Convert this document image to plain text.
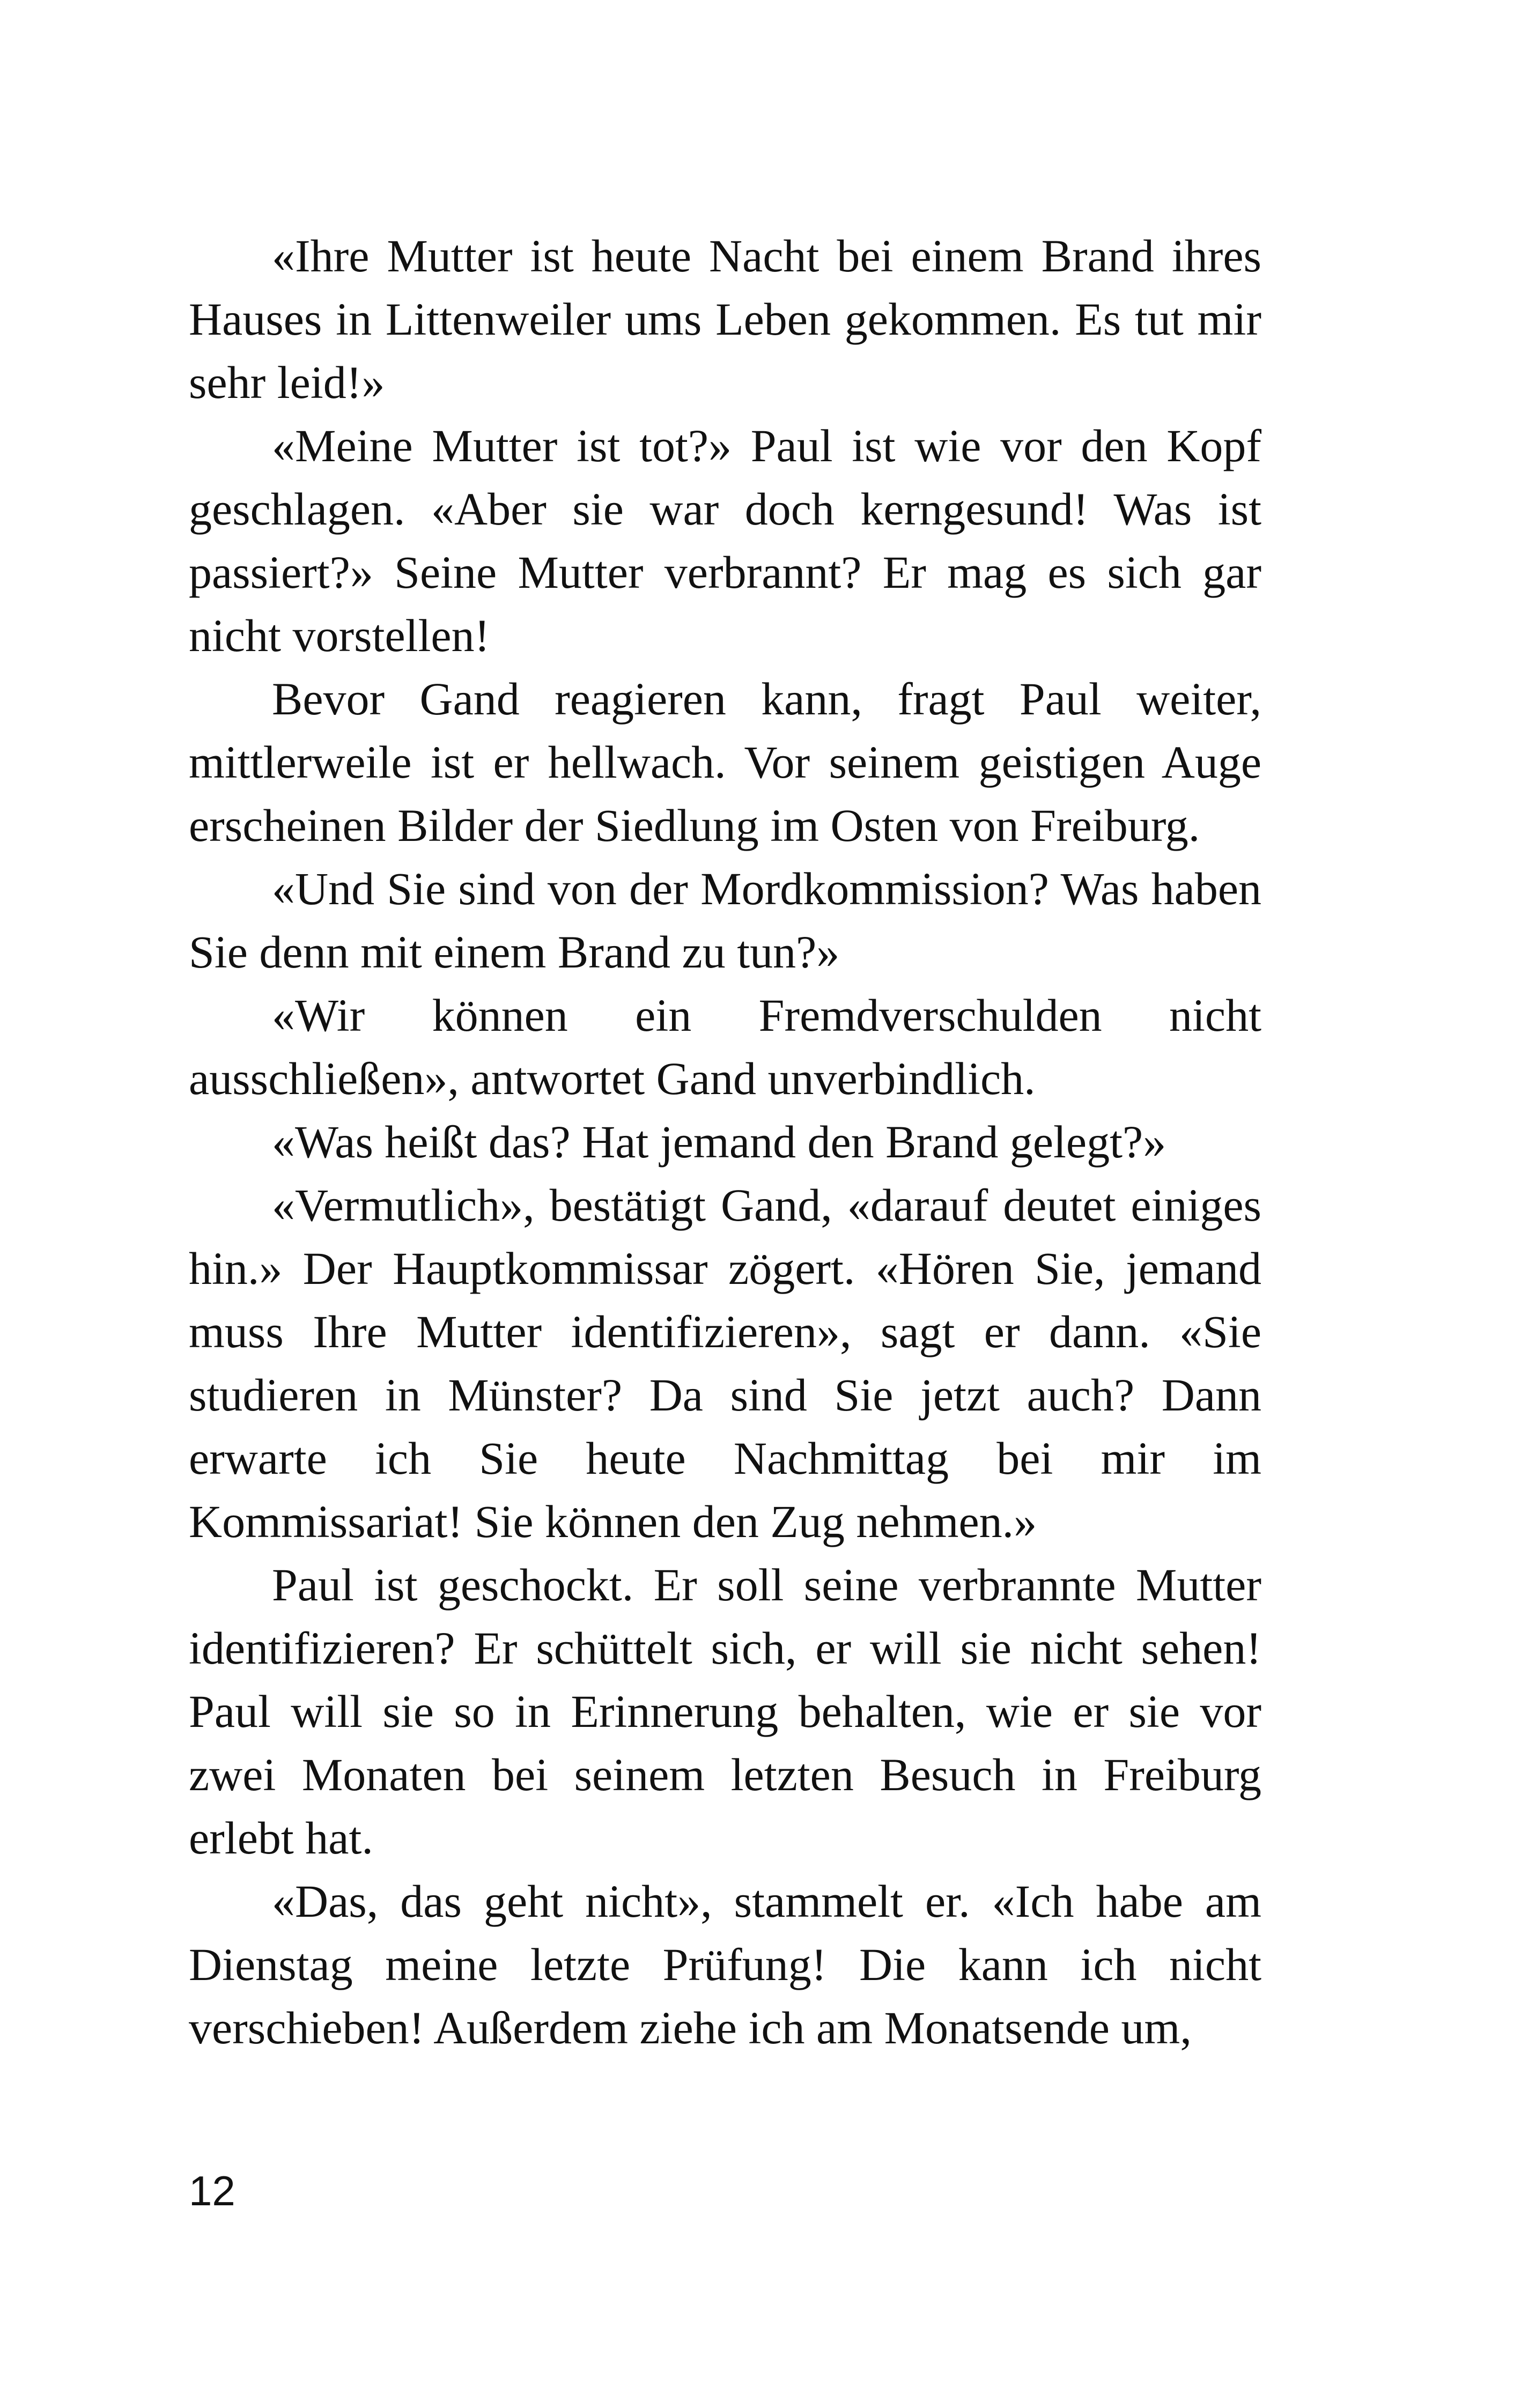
«Ihre Mutter ist heute Nacht bei einem Brand ihres Hauses in Littenweiler ums Leben gekommen. Es tut mir sehr leid!»

«Meine Mutter ist tot?» Paul ist wie vor den Kopf geschlagen. «Aber sie war doch kerngesund! Was ist passiert?» Seine Mutter verbrannt? Er mag es sich gar nicht vorstellen!

Bevor Gand reagieren kann, fragt Paul weiter, mittlerweile ist er hellwach. Vor seinem geistigen Auge erscheinen Bilder der Siedlung im Osten von Freiburg.

«Und Sie sind von der Mordkommission? Was haben Sie denn mit einem Brand zu tun?»

«Wir können ein Fremdverschulden nicht ausschließen», antwortet Gand unverbindlich.

«Was heißt das? Hat jemand den Brand gelegt?»

«Vermutlich», bestätigt Gand, «darauf deutet einiges hin.» Der Hauptkommissar zögert. «Hören Sie, jemand muss Ihre Mutter identifizieren», sagt er dann. «Sie studieren in Münster? Da sind Sie jetzt auch? Dann erwarte ich Sie heute Nachmittag bei mir im Kommissariat! Sie können den Zug nehmen.»

Paul ist geschockt. Er soll seine verbrannte Mutter identifizieren? Er schüttelt sich, er will sie nicht sehen! Paul will sie so in Erinnerung behalten, wie er sie vor zwei Monaten bei seinem letzten Besuch in Freiburg erlebt hat.

«Das, das geht nicht», stammelt er. «Ich habe am Dienstag meine letzte Prüfung! Die kann ich nicht verschieben! Außerdem ziehe ich am Monatsende um,

12
